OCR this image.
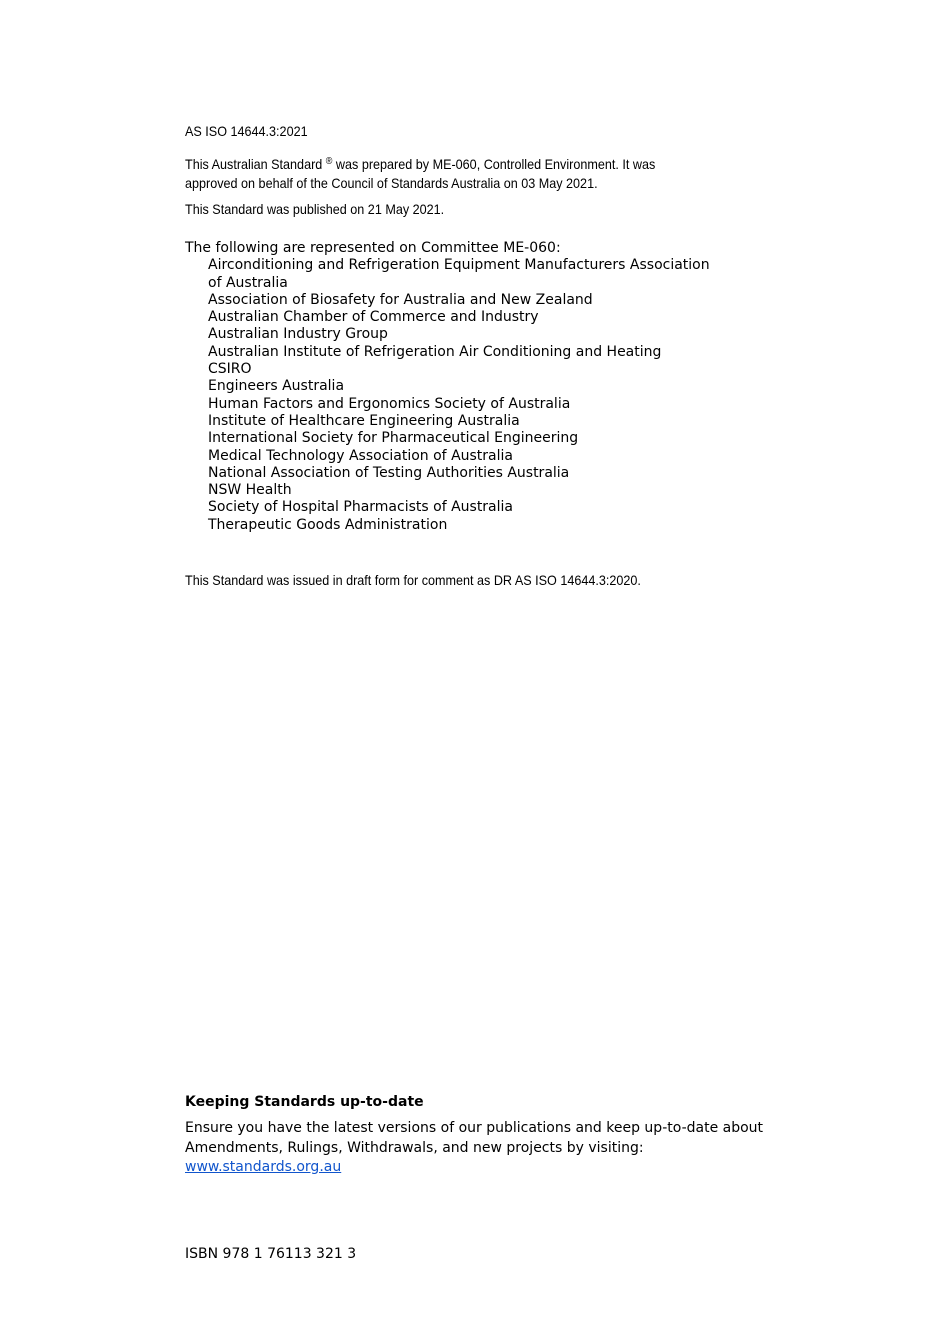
AS ISO 14644.3:2021
This Australian Standard ® was prepared by ME-060, Controlled Environment. It was
approved on behalf of the Council of Standards Australia on 03 May 2021.
This Standard was published on 21 May 2021.

The following are represented on Committee ME-060:

Airconditioning and Refrigeration Equipment Manufacturers Association
of Australia
Association of Biosafety for Australia and New Zealand
Australian Chamber of Commerce and Industry
Australian Industry Group
Australian Institute of Refrigeration Air Conditioning and Heating
CSIRO
Engineers Australia
Human Factors and Ergonomics Society of Australia
Institute of Healthcare Engineering Australia
International Society for Pharmaceutical Engineering
Medical Technology Association of Australia
National Association of Testing Authorities Australia
NSW Health
Society of Hospital Pharmacists of Australia
Therapeutic Goods Administration
This Standard was issued in draft form for comment as DR AS ISO 14644.3:2020.
Keeping Standards up-to-date
Ensure you have the latest versions of our publications and keep up-to-date about
Amendments, Rulings, Withdrawals, and new projects by visiting:
www.standards.org.au
ISBN 978 1 76113 321 3
